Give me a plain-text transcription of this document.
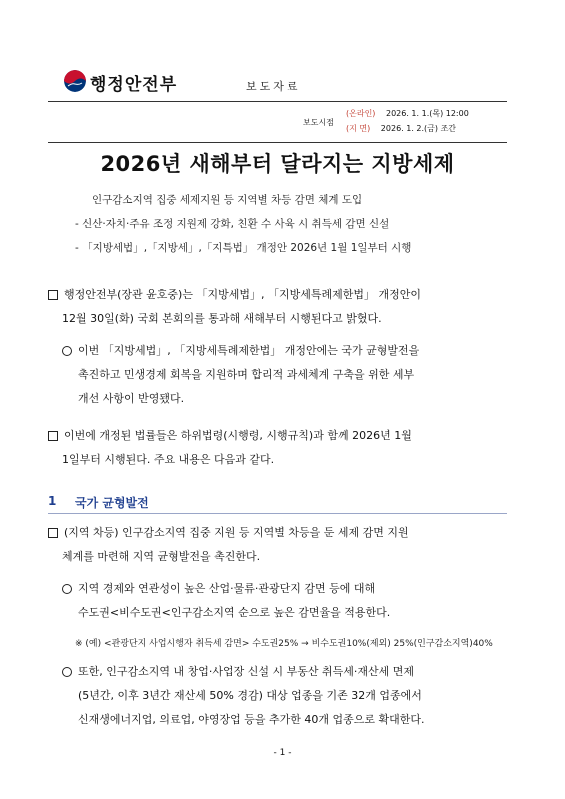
행정안전부	보도자료
보도시점
(온라인) 2026. 1. 1.(목) 12:00
(지 면) 2026. 1. 2.(금) 조간
2026년 새해부터 달라지는 지방세제
인구감소지역 집중 세제지원 등 지역별 차등 감면 체계 도입
- 신산·자치·주유 조정 지원제 강화, 친환 수 사육 시 취득세 감면 신설
- 「지방세법」,「지방세」,「지특법」 개정안 2026년 1월 1일부터 시행
행정안전부(장관 윤호중)는 「지방세법」, 「지방세특례제한법」 개정안이
12월 30일(화) 국회 본회의를 통과해 새해부터 시행된다고 밝혔다.
이번 「지방세법」, 「지방세특례제한법」 개정안에는 국가 균형발전을
촉진하고 민생경제 회복을 지원하며 합리적 과세체계 구축을 위한 세부
개선 사항이 반영됐다.
이번에 개정된 법률들은 하위법령(시행령, 시행규칙)과 함께 2026년 1월
1일부터 시행된다. 주요 내용은 다음과 같다.
1 국가 균형발전
(지역 차등) 인구감소지역 집중 지원 등 지역별 차등을 둔 세제 감면 지원
체계를 마련해 지역 균형발전을 촉진한다.
지역 경제와 연관성이 높은 산업·물류·관광단지 감면 등에 대해
수도권<비수도권<인구감소지역 순으로 높은 감면율을 적용한다.
※ (예) <관광단지 사업시행자 취득세 감면> 수도권25% → 비수도권10%(제외) 25%(인구감소지역)40%
또한, 인구감소지역 내 창업·사업장 신설 시 부동산 취득세·재산세 면제
(5년간, 이후 3년간 재산세 50% 경감) 대상 업종을 기존 32개 업종에서
신재생에너지업, 의료업, 야영장업 등을 추가한 40개 업종으로 확대한다.
- 1 -
